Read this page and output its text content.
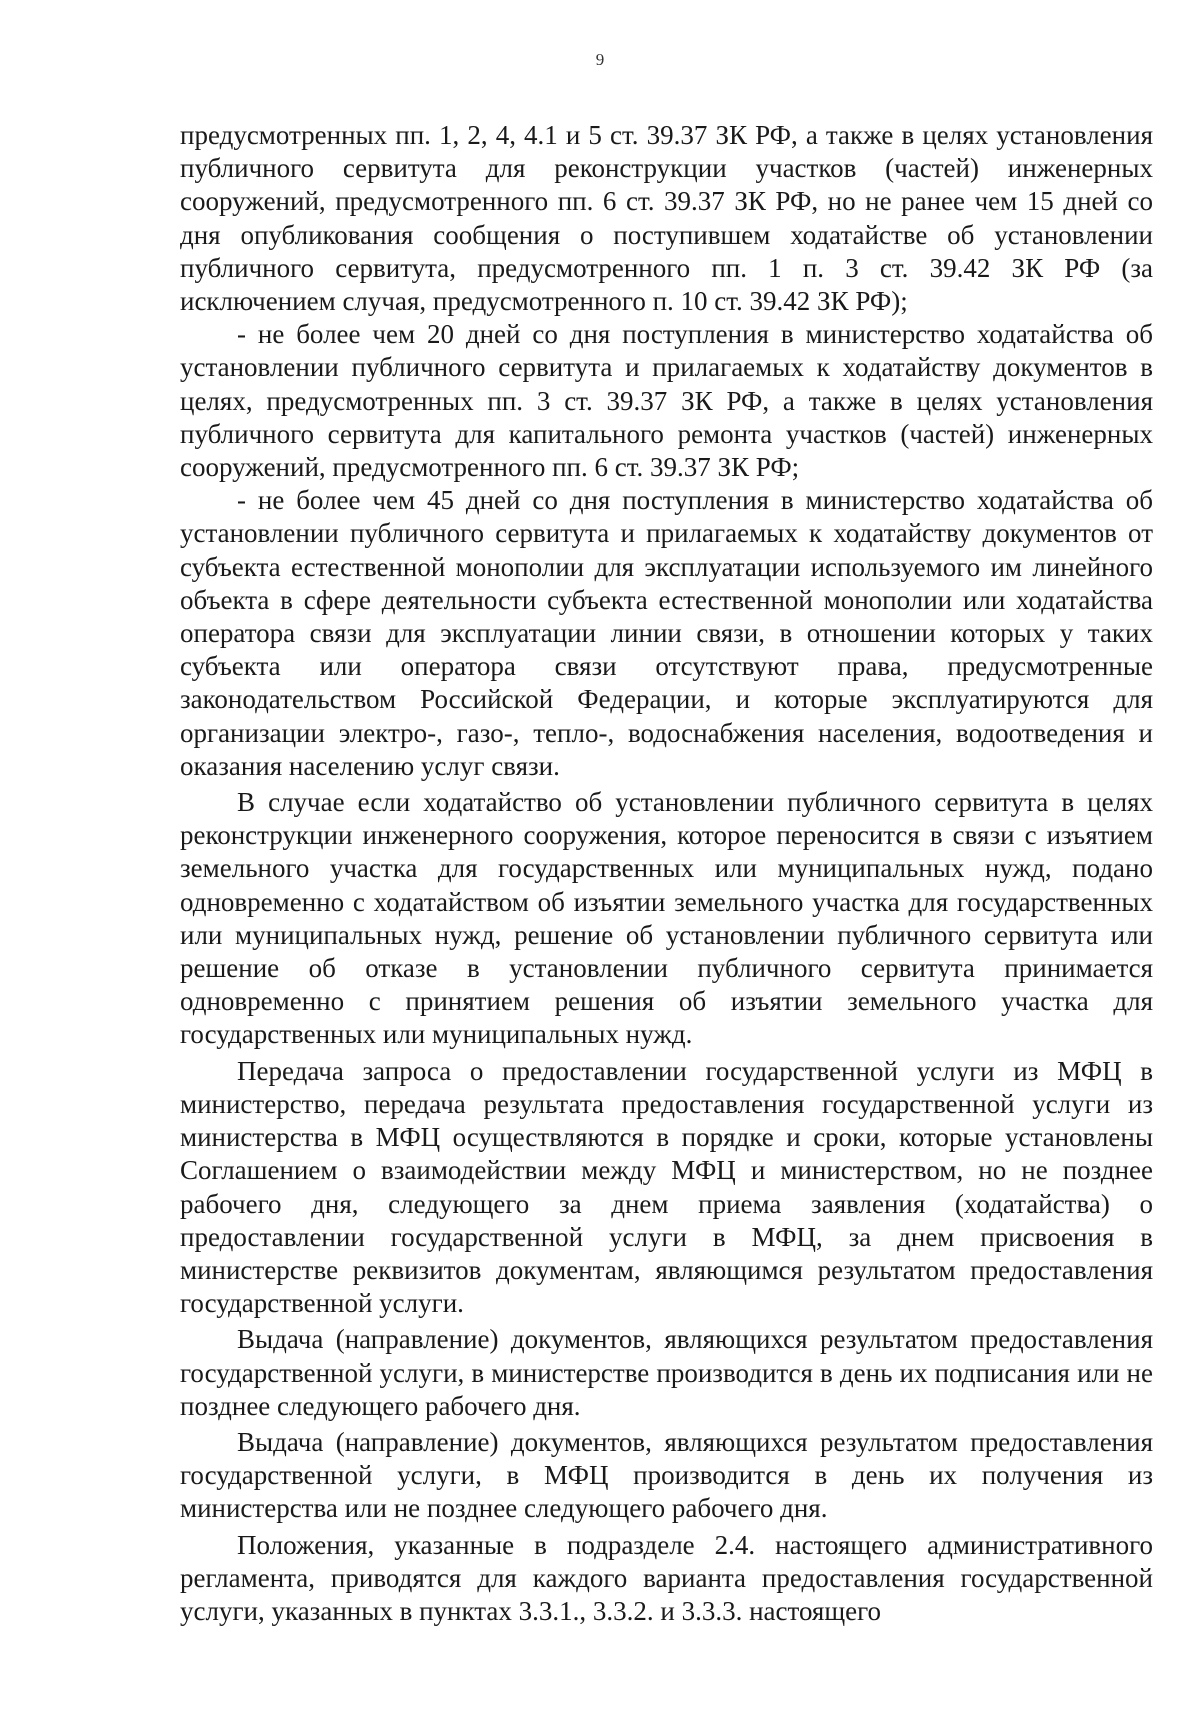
9

предусмотренных пп. 1, 2, 4, 4.1 и 5 ст. 39.37 ЗК РФ, а также в целях установления публичного сервитута для реконструкции участков (частей) инженерных сооружений, предусмотренного пп. 6 ст. 39.37 ЗК РФ, но не ранее чем 15 дней со дня опубликования сообщения о поступившем ходатайстве об установлении публичного сервитута, предусмотренного пп. 1 п. 3 ст. 39.42 ЗК РФ (за исключением случая, предусмотренного п. 10 ст. 39.42 ЗК РФ);

- не более чем 20 дней со дня поступления в министерство ходатайства об установлении публичного сервитута и прилагаемых к ходатайству документов в целях, предусмотренных пп. 3 ст. 39.37 ЗК РФ, а также в целях установления публичного сервитута для капитального ремонта участков (частей) инженерных сооружений, предусмотренного пп. 6 ст. 39.37 ЗК РФ;

- не более чем 45 дней со дня поступления в министерство ходатайства об установлении публичного сервитута и прилагаемых к ходатайству документов от субъекта естественной монополии для эксплуатации используемого им линейного объекта в сфере деятельности субъекта естественной монополии или ходатайства оператора связи для эксплуатации линии связи, в отношении которых у таких субъекта или оператора связи отсутствуют права, предусмотренные законодательством Российской Федерации, и которые эксплуатируются для организации электро-, газо-, тепло-, водоснабжения населения, водоотведения и оказания населению услуг связи.

В случае если ходатайство об установлении публичного сервитута в целях реконструкции инженерного сооружения, которое переносится в связи с изъятием земельного участка для государственных или муниципальных нужд, подано одновременно с ходатайством об изъятии земельного участка для государственных или муниципальных нужд, решение об установлении публичного сервитута или решение об отказе в установлении публичного сервитута принимается одновременно с принятием решения об изъятии земельного участка для государственных или муниципальных нужд.

Передача запроса о предоставлении государственной услуги из МФЦ в министерство, передача результата предоставления государственной услуги из министерства в МФЦ осуществляются в порядке и сроки, которые установлены Соглашением о взаимодействии между МФЦ и министерством, но не позднее рабочего дня, следующего за днем приема заявления (ходатайства) о предоставлении государственной услуги в МФЦ, за днем присвоения в министерстве реквизитов документам, являющимся результатом предоставления государственной услуги.

Выдача (направление) документов, являющихся результатом предоставления государственной услуги, в министерстве производится в день их подписания или не позднее следующего рабочего дня.

Выдача (направление) документов, являющихся результатом предоставления государственной услуги, в МФЦ производится в день их получения из министерства или не позднее следующего рабочего дня.

Положения, указанные в подразделе 2.4. настоящего административного регламента, приводятся для каждого варианта предоставления государственной услуги, указанных в пунктах 3.3.1., 3.3.2. и 3.3.3. настоящего
